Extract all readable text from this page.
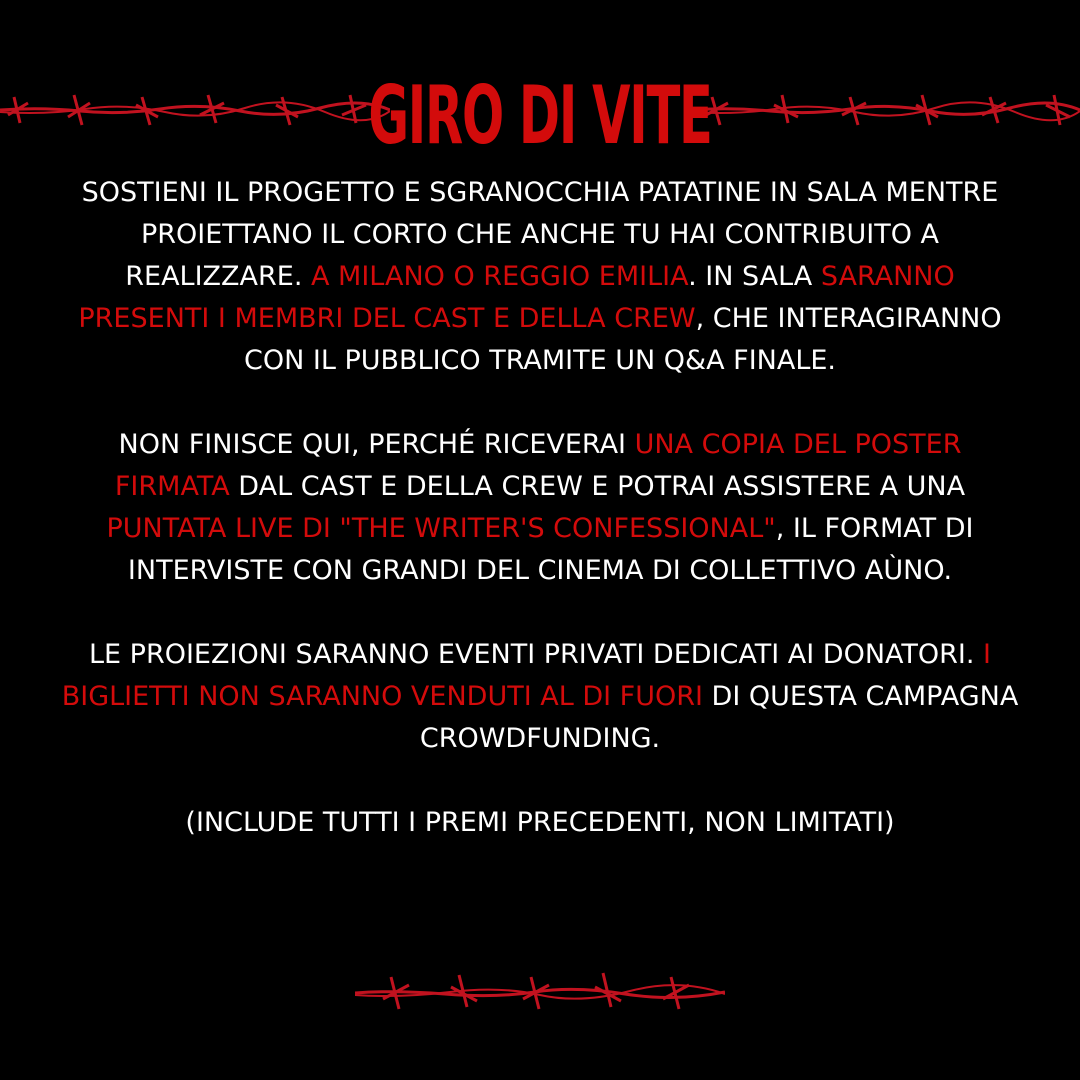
GIRO DI VITE

SOSTIENI IL PROGETTO E SGRANOCCHIA PATATINE IN SALA MENTRE PROIETTANO IL CORTO CHE ANCHE TU HAI CONTRIBUITO A REALIZZARE. A MILANO O REGGIO EMILIA. IN SALA SARANNO PRESENTI I MEMBRI DEL CAST E DELLA CREW, CHE INTERAGIRANNO CON IL PUBBLICO TRAMITE UN Q&A FINALE.

NON FINISCE QUI, PERCHÉ RICEVERAI UNA COPIA DEL POSTER FIRMATA DAL CAST E DELLA CREW E POTRAI ASSISTERE A UNA PUNTATA LIVE DI "THE WRITER'S CONFESSIONAL", IL FORMAT DI INTERVISTE CON GRANDI DEL CINEMA DI COLLETTIVO AÙNO.

LE PROIEZIONI SARANNO EVENTI PRIVATI DEDICATI AI DONATORI. I BIGLIETTI NON SARANNO VENDUTI AL DI FUORI DI QUESTA CAMPAGNA CROWDFUNDING.

(INCLUDE TUTTI I PREMI PRECEDENTI, NON LIMITATI)
